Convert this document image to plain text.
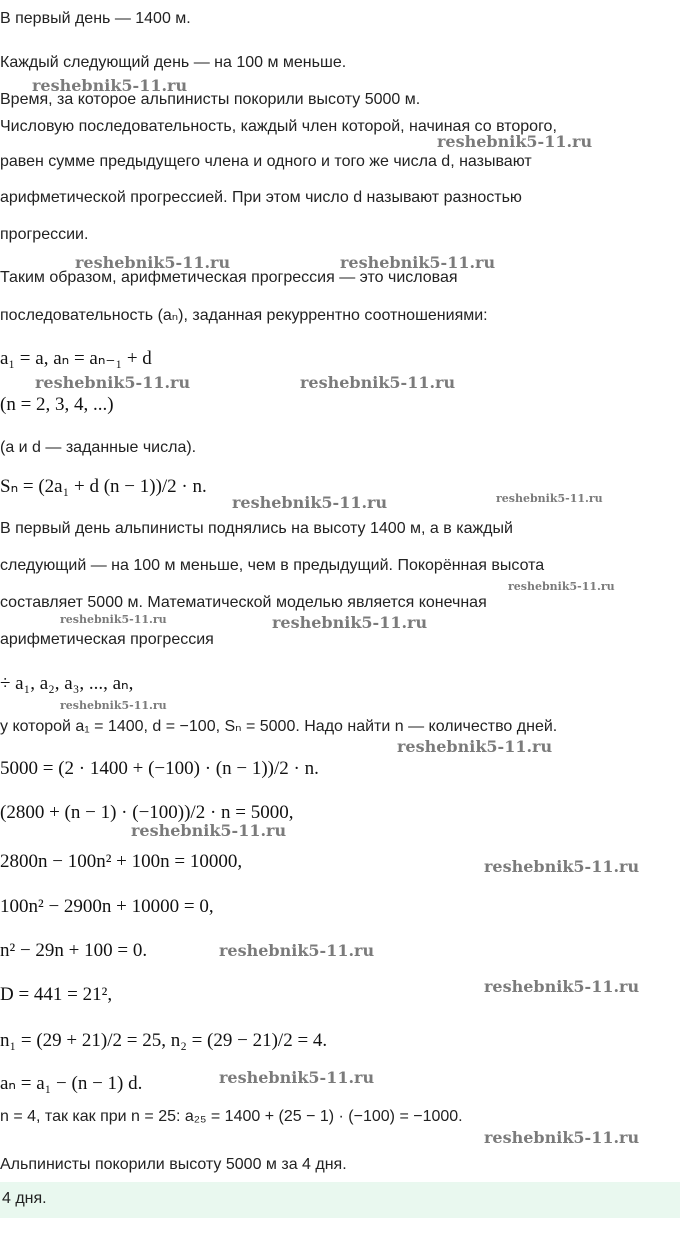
В первый день — 1400 м.
Каждый следующий день — на 100 м меньше.
Время, за которое альпинисты покорили высоту 5000 м.
Числовую последовательность, каждый член которой, начиная со второго,
равен сумме предыдущего члена и одного и того же числа d, называют
арифметической прогрессией. При этом число d называют разностью
прогрессии.
Таким образом, арифметическая прогрессия — это числовая
последовательность (aₙ), заданная рекуррентно соотношениями:
a₁ = a, aₙ = aₙ₋₁ + d
(n = 2, 3, 4, ...)
(a и d — заданные числа).
Sₙ = (2a₁ + d (n − 1))/2 · n.
В первый день альпинисты поднялись на высоту 1400 м, а в каждый
следующий — на 100 м меньше, чем в предыдущий. Покорённая высота
составляет 5000 м. Математической моделью является конечная
арифметическая прогрессия
÷ a₁, a₂, a₃, ..., aₙ,
у которой a₁ = 1400, d = −100, Sₙ = 5000. Надо найти n — количество дней.
5000 = (2 · 1400 + (−100) · (n − 1))/2 · n.
(2800 + (n − 1) · (−100))/2 · n = 5000,
2800n − 100n² + 100n = 10000,
100n² − 2900n + 10000 = 0,
n² − 29n + 100 = 0.
D = 441 = 21²,
n₁ = (29 + 21)/2 = 25, n₂ = (29 − 21)/2 = 4.
aₙ = a₁ − (n − 1) d.
n = 4, так как при n = 25: a₂₅ = 1400 + (25 − 1) · (−100) = −1000.
Альпинисты покорили высоту 5000 м за 4 дня.
4 дня.
reshebnik5-11.ru
reshebnik5-11.ru
reshebnik5-11.ru	reshebnik5-11.ru
reshebnik5-11.ru	reshebnik5-11.ru
reshebnik5-11.ru	reshebnik5-11.ru
reshebnik5-11.ru
reshebnik5-11.ru	reshebnik5-11.ru
reshebnik5-11.ru
reshebnik5-11.ru
reshebnik5-11.ru
reshebnik5-11.ru
reshebnik5-11.ru
reshebnik5-11.ru
reshebnik5-11.ru
reshebnik5-11.ru
